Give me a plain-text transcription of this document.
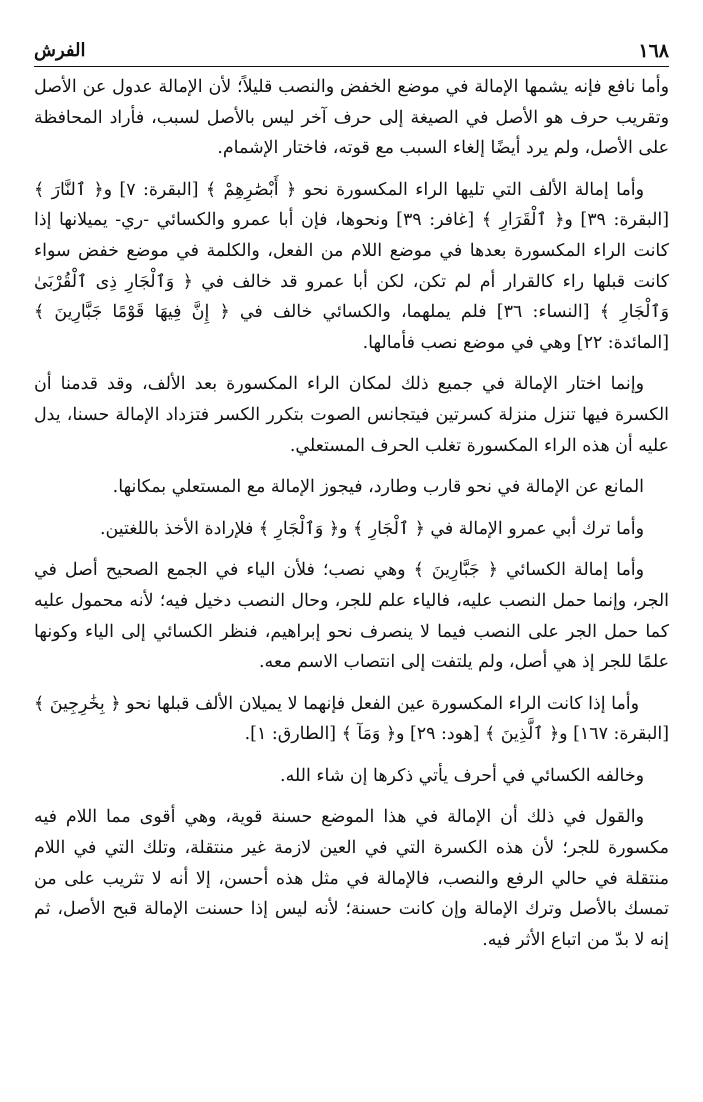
١٦٨
الفرش

وأما نافع فإنه يشمها الإمالة في موضع الخفض والنصب قليلاً؛ لأن الإمالة عدول عن الأصل وتقريب حرف هو الأصل في الصيغة إلى حرف آخر ليس بالأصل لسبب، فأراد المحافظة على الأصل، ولم يرد أيضًا إلغاء السبب مع قوته، فاختار الإشمام.

وأما إمالة الألف التي تليها الراء المكسورة نحو ﴿ أَبْصَٰرِهِمْ ﴾ [البقرة: ٧] و﴿ ٱلنَّارَ ﴾ [البقرة: ٣٩] و﴿ ٱلْقَرَارِ ﴾ [غافر: ٣٩] ونحوها، فإن أبا عمرو والكسائي -ري- يميلانها إذا كانت الراء المكسورة بعدها في موضع اللام من الفعل، والكلمة في موضع خفض سواء كانت قبلها راء كالقرار أم لم تكن، لكن أبا عمرو قد خالف في ﴿ وَٱلْجَارِ ذِى ٱلْقُرْبَىٰ وَٱلْجَارِ ﴾ [النساء: ٣٦] فلم يملهما، والكسائي خالف في ﴿ إِنَّ فِيهَا قَوْمًا جَبَّارِينَ ﴾ [المائدة: ٢٢] وهي في موضع نصب فأمالها.

وإنما اختار الإمالة في جميع ذلك لمكان الراء المكسورة بعد الألف، وقد قدمنا أن الكسرة فيها تنزل منزلة كسرتين فيتجانس الصوت بتكرر الكسر فتزداد الإمالة حسنا، يدل عليه أن هذه الراء المكسورة تغلب الحرف المستعلي.

المانع عن الإمالة في نحو قارب وطارد، فيجوز الإمالة مع المستعلي بمكانها.

وأما ترك أبي عمرو الإمالة في ﴿ ٱلْجَارِ ﴾ و﴿ وَٱلْجَارِ ﴾ فلإرادة الأخذ باللغتين.

وأما إمالة الكسائي ﴿ جَبَّارِينَ ﴾ وهي نصب؛ فلأن الياء في الجمع الصحيح أصل في الجر، وإنما حمل النصب عليه، فالياء علم للجر، وحال النصب دخيل فيه؛ لأنه محمول عليه كما حمل الجر على النصب فيما لا ينصرف نحو إبراهيم، فنظر الكسائي إلى الياء وكونها علمًا للجر إذ هي أصل، ولم يلتفت إلى انتصاب الاسم معه.

وأما إذا كانت الراء المكسورة عين الفعل فإنهما لا يميلان الألف قبلها نحو ﴿ بِخَٰرِجِينَ ﴾ [البقرة: ١٦٧] و﴿ ٱلَّذِينَ ﴾ [هود: ٢٩] و﴿ وَمَآ ﴾ [الطارق: ١].

وخالفه الكسائي في أحرف يأتي ذكرها إن شاء الله.

والقول في ذلك أن الإمالة في هذا الموضع حسنة قوية، وهي أقوى مما اللام فيه مكسورة للجر؛ لأن هذه الكسرة التي في العين لازمة غير منتقلة، وتلك التي في اللام منتقلة في حالي الرفع والنصب، فالإمالة في مثل هذه أحسن، إلا أنه لا تثريب على من تمسك بالأصل وترك الإمالة وإن كانت حسنة؛ لأنه ليس إذا حسنت الإمالة قبح الأصل، ثم إنه لا بدّ من اتباع الأثر فيه.
